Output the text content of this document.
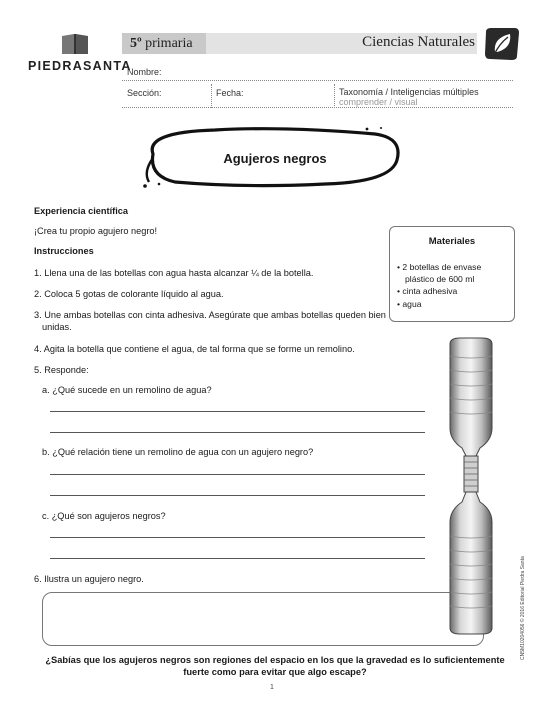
PIEDRASANTA
5º primaria	Ciencias Naturales
Nombre:
Sección:	Fecha:	Taxonomía / Inteligencias múltiples
comprender / visual
Agujeros negros
Experiencia científica
¡Crea tu propio agujero negro!
Instrucciones
1. Llena una de las botellas con agua hasta alcanzar ¼ de la botella.
2. Coloca 5 gotas de colorante líquido al agua.
3. Une ambas botellas con cinta adhesiva. Asegúrate que ambas botellas queden bien
unidas.
4. Agita la botella que contiene el agua, de tal forma que se forme un remolino.
5. Responde:
Materiales
• 2 botellas de envase
plástico de 600 ml
• cinta adhesiva
• agua
a. ¿Qué sucede en un remolino de agua?
b. ¿Qué relación tiene un remolino de agua con un agujero negro?
c. ¿Qué son agujeros negros?
6. Ilustra un agujero negro.
¿Sabías que los agujeros negros son regiones del espacio en los que la gravedad es lo suficientemente
fuerte como para evitar que algo escape?
1
CN5M10204056 © 2016 Editorial Piedra Santa
